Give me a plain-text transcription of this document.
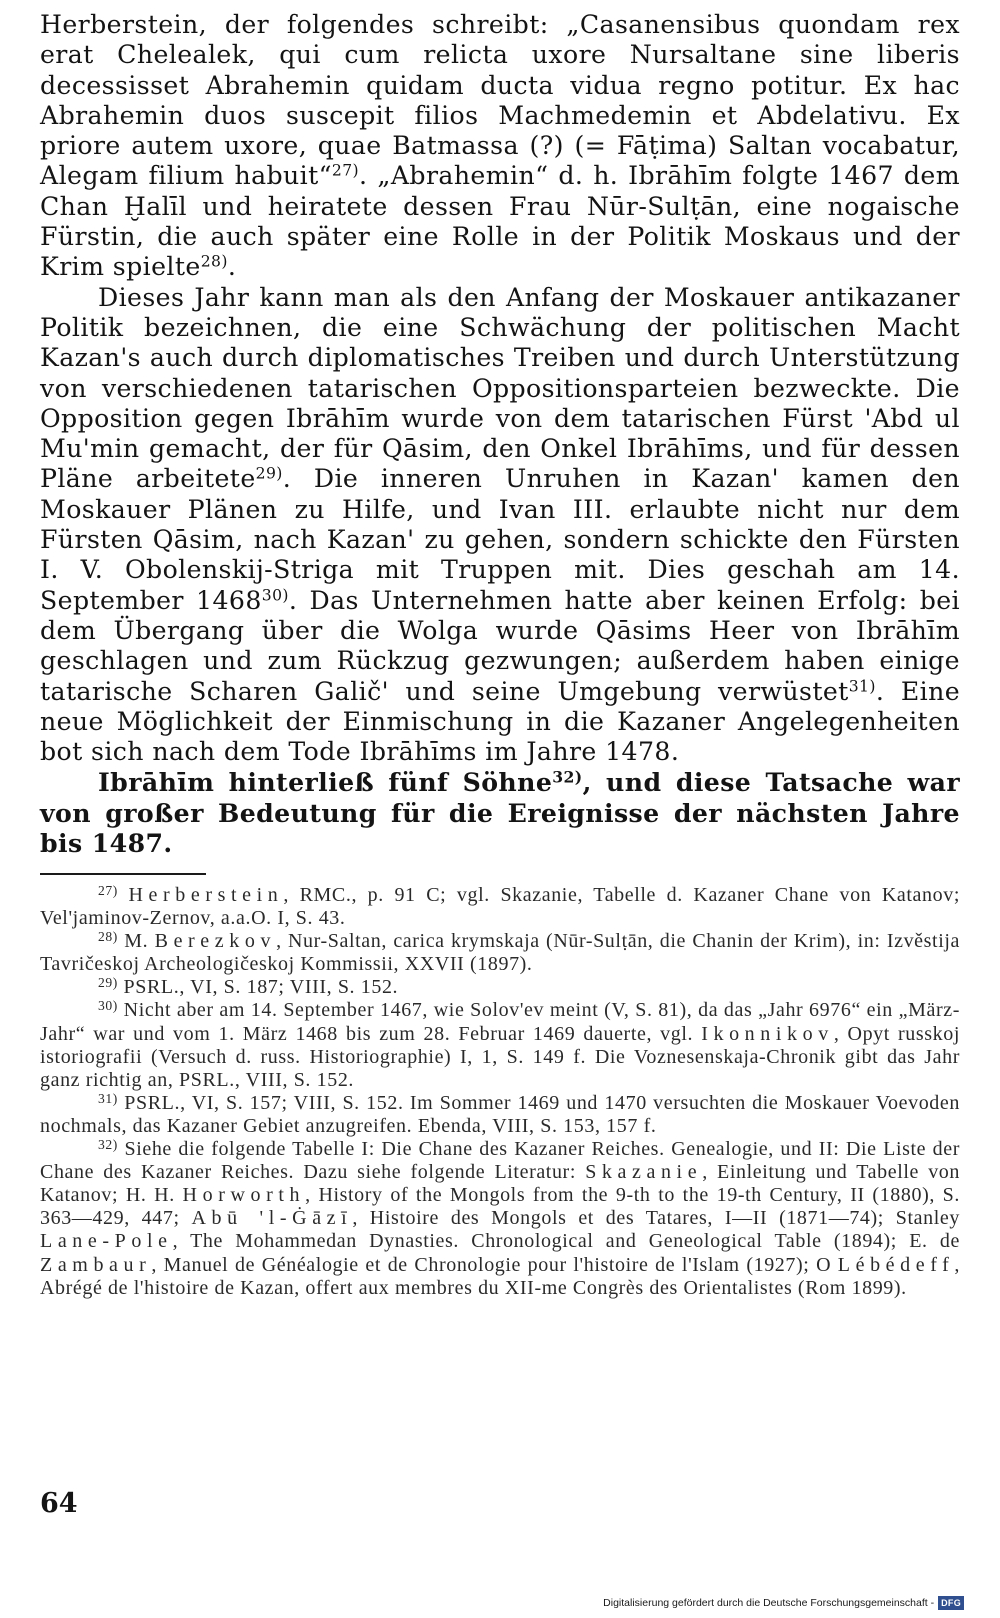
Herberstein, der folgendes schreibt: „Casanensibus quondam rex erat Chelealek, qui cum relicta uxore Nursaltane sine liberis decessisset Abrahemin quidam ducta vidua regno potitur. Ex hac Abrahemin duos suscepit filios Machmedemin et Abdelativu. Ex priore autem uxore, quae Batmassa (?) (= Fāṭima) Saltan vocabatur, Alegam filium habuit“$^{27)}$. „Abrahemin“ d. h. Ibrāhīm folgte 1467 dem Chan Ḫalīl und heiratete dessen Frau Nūr-Sulṭān, eine nogaische Fürstin, die auch später eine Rolle in der Politik Moskaus und der Krim spielte$^{28)}$.

Dieses Jahr kann man als den Anfang der Moskauer antikazaner Politik bezeichnen, die eine Schwächung der politischen Macht Kazan's auch durch diplomatisches Treiben und durch Unterstützung von verschiedenen tatarischen Oppositionsparteien bezweckte. Die Opposition gegen Ibrāhīm wurde von dem tatarischen Fürst 'Abd ul Mu'min gemacht, der für Qāsim, den Onkel Ibrāhīms, und für dessen Pläne arbeitete$^{29)}$. Die inneren Unruhen in Kazan' kamen den Moskauer Plänen zu Hilfe, und Ivan III. erlaubte nicht nur dem Fürsten Qāsim, nach Kazan' zu gehen, sondern schickte den Fürsten I. V. Obolenskij-Striga mit Truppen mit. Dies geschah am 14. September 1468$^{30)}$. Das Unternehmen hatte aber keinen Erfolg: bei dem Übergang über die Wolga wurde Qāsims Heer von Ibrāhīm geschlagen und zum Rückzug gezwungen; außerdem haben einige tatarische Scharen Galič' und seine Umgebung verwüstet$^{31)}$. Eine neue Möglichkeit der Einmischung in die Kazaner Angelegenheiten bot sich nach dem Tode Ibrāhīms im Jahre 1478.

Ibrāhīm hinterließ fünf Söhne$^{32)}$, und diese Tatsache war von großer Bedeutung für die Ereignisse der nächsten Jahre bis 1487.

$^{27)}$ Herberstein, RMC., p. 91 C; vgl. Skazanie, Tabelle d. Kazaner Chane von Katanov; Vel'jaminov-Zernov, a.a.O. I, S. 43.

$^{28)}$ M. Berezkov, Nur-Saltan, carica krymskaja (Nūr-Sulṭān, die Chanin der Krim), in: Izvěstija Tavričeskoj Archeologičeskoj Kommissii, XXVII (1897).

$^{29)}$ PSRL., VI, S. 187; VIII, S. 152.

$^{30)}$ Nicht aber am 14. September 1467, wie Solov'ev meint (V, S. 81), da das „Jahr 6976“ ein „März-Jahr“ war und vom 1. März 1468 bis zum 28. Februar 1469 dauerte, vgl. Ikonnikov, Opyt russkoj istoriografii (Versuch d. russ. Historiographie) I, 1, S. 149 f. Die Voznesenskaja-Chronik gibt das Jahr ganz richtig an, PSRL., VIII, S. 152.

$^{31)}$ PSRL., VI, S. 157; VIII, S. 152. Im Sommer 1469 und 1470 versuchten die Moskauer Voevoden nochmals, das Kazaner Gebiet anzugreifen. Ebenda, VIII, S. 153, 157 f.

$^{32)}$ Siehe die folgende Tabelle I: Die Chane des Kazaner Reiches. Genealogie, und II: Die Liste der Chane des Kazaner Reiches. Dazu siehe folgende Literatur: Skazanie, Einleitung und Tabelle von Katanov; H. H. Horworth, History of the Mongols from the 9-th to the 19-th Century, II (1880), S. 363—429, 447; Abū 'l-Ġāzī, Histoire des Mongols et des Tatares, I—II (1871—74); Stanley Lane-Pole, The Mohammedan Dynasties. Chronological and Geneological Table (1894); E. de Zambaur, Manuel de Généalogie et de Chronologie pour l'histoire de l'Islam (1927); O Lébédeff, Abrégé de l'histoire de Kazan, offert aux membres du XII-me Congrès des Orientalistes (Rom 1899).

64
Digitalisierung gefördert durch die Deutsche Forschungsgemeinschaft - DFG
